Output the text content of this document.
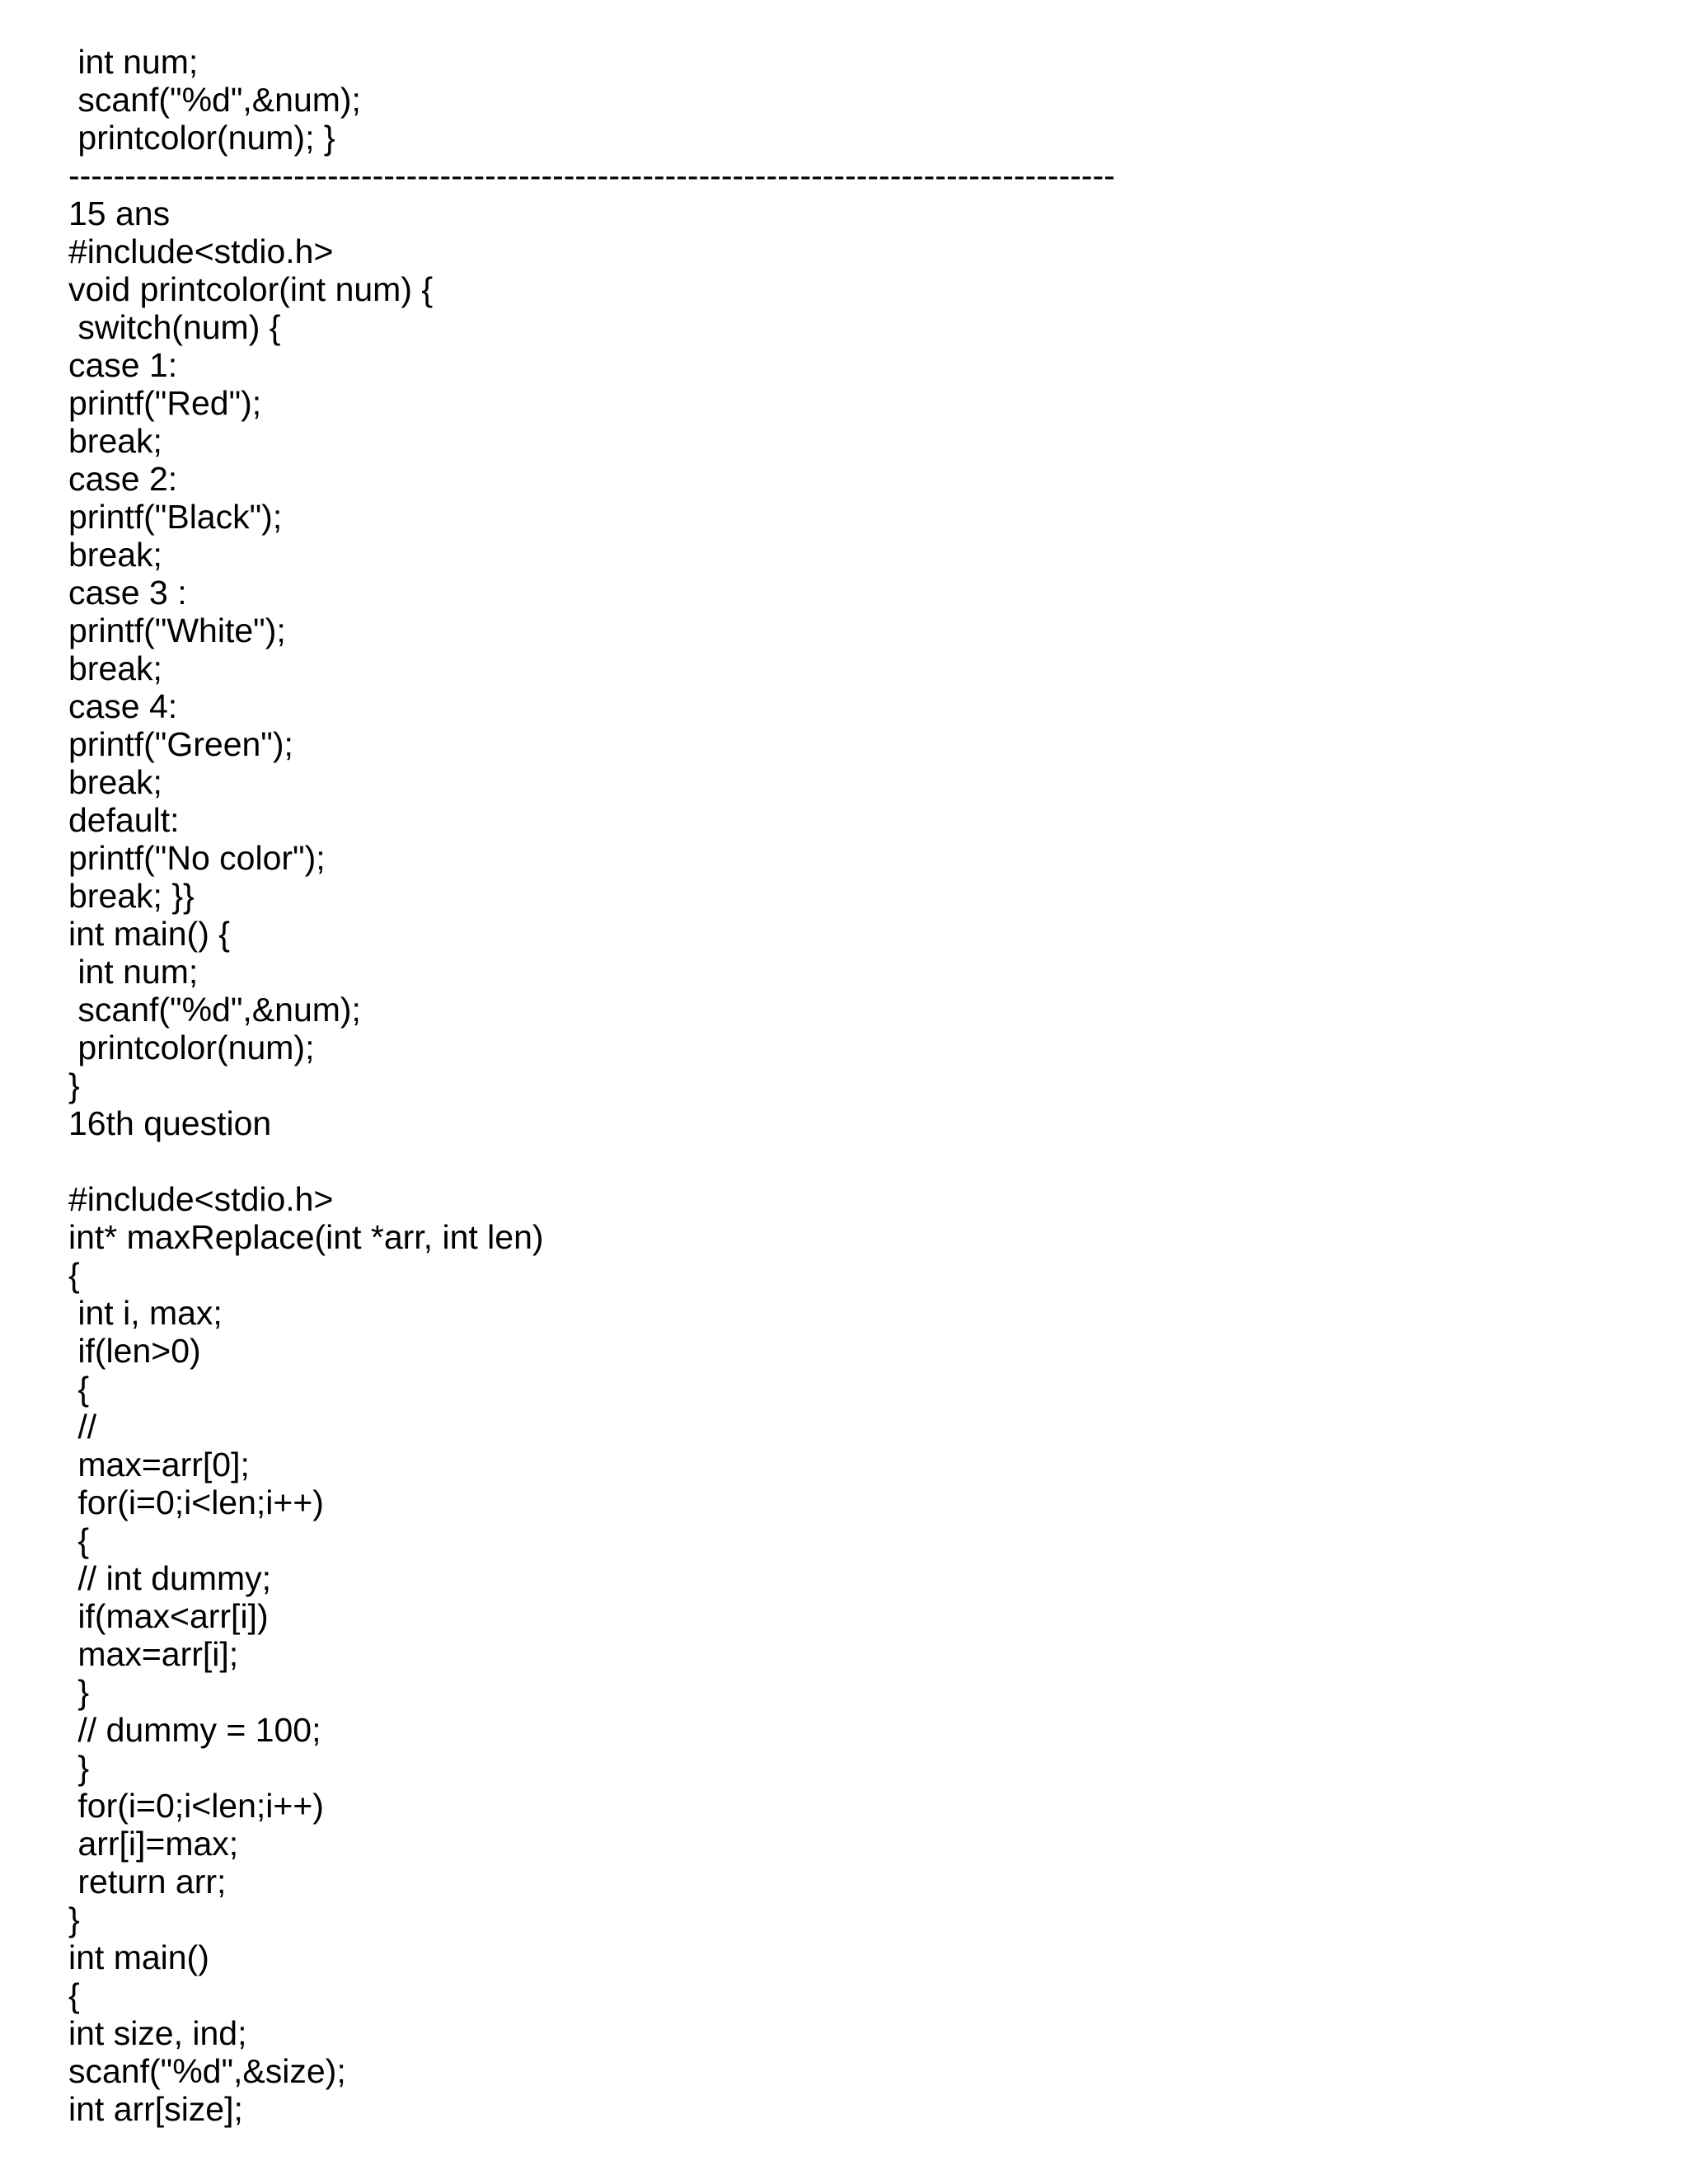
int num;
scanf("%d",&num);
printcolor(num); }
---------------------------------------------------------------------------------------------
15 ans
#include<stdio.h>
void printcolor(int num) {
switch(num) {
case 1:
printf("Red");
break;
case 2:
printf("Black");
break;
case 3 :
printf("White");
break;
case 4:
printf("Green");
break;
default:
printf("No color");
break; }}
int main() {
int num;
scanf("%d",&num);
printcolor(num);
}
16th question
#include<stdio.h>
int* maxReplace(int *arr, int len)
{
int i, max;
if(len>0)
{
//
max=arr[0];
for(i=0;i<len;i++)
{
// int dummy;
if(max<arr[i])
max=arr[i];
}
// dummy = 100;
}
for(i=0;i<len;i++)
arr[i]=max;
return arr;
}
int main()
{
int size, ind;
scanf("%d",&size);
int arr[size];
